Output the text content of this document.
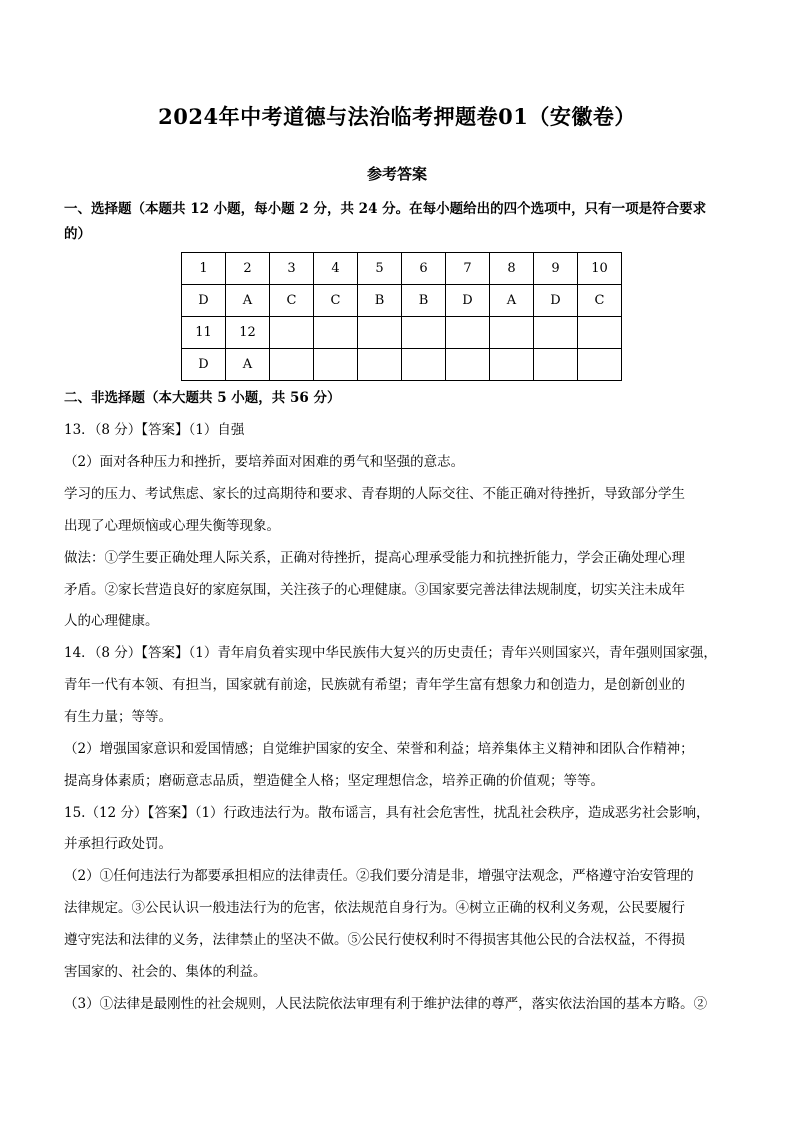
2024年中考道德与法治临考押题卷01（安徽卷）
参考答案
一、选择题（本题共 12 小题，每小题 2 分，共 24 分。在每小题给出的四个选项中，只有一项是符合要求
的）
1	2	3	4	5	6	7	8	9	10
D	A	C	C	B	B	D	A	D	C
11	12								
D	A								
二、非选择题（本大题共 5 小题，共 56 分）
13．（8 分）【答案】（1）自强
（2）面对各种压力和挫折，要培养面对困难的勇气和坚强的意志。
学习的压力、考试焦虑、家长的过高期待和要求、青春期的人际交往、不能正确对待挫折，导致部分学生
出现了心理烦恼或心理失衡等现象。
做法：①学生要正确处理人际关系，正确对待挫折，提高心理承受能力和抗挫折能力，学会正确处理心理
矛盾。②家长营造良好的家庭氛围，关注孩子的心理健康。③国家要完善法律法规制度，切实关注未成年
人的心理健康。
14．（8 分）【答案】（1）青年肩负着实现中华民族伟大复兴的历史责任；青年兴则国家兴，青年强则国家强，
青年一代有本领、有担当，国家就有前途，民族就有希望；青年学生富有想象力和创造力，是创新创业的
有生力量；等等。
（2）增强国家意识和爱国情感；自觉维护国家的安全、荣誉和利益；培养集体主义精神和团队合作精神；
提高身体素质；磨砺意志品质，塑造健全人格；坚定理想信念，培养正确的价值观；等等。
15.（12 分）【答案】（1）行政违法行为。散布谣言，具有社会危害性，扰乱社会秩序，造成恶劣社会影响，
并承担行政处罚。
（2）①任何违法行为都要承担相应的法律责任。②我们要分清是非，增强守法观念，严格遵守治安管理的
法律规定。③公民认识一般违法行为的危害，依法规范自身行为。④树立正确的权利义务观，公民要履行
遵守宪法和法律的义务，法律禁止的坚决不做。⑤公民行使权利时不得损害其他公民的合法权益，不得损
害国家的、社会的、集体的利益。
（3）①法律是最刚性的社会规则，人民法院依法审理有利于维护法律的尊严，落实依法治国的基本方略。②
